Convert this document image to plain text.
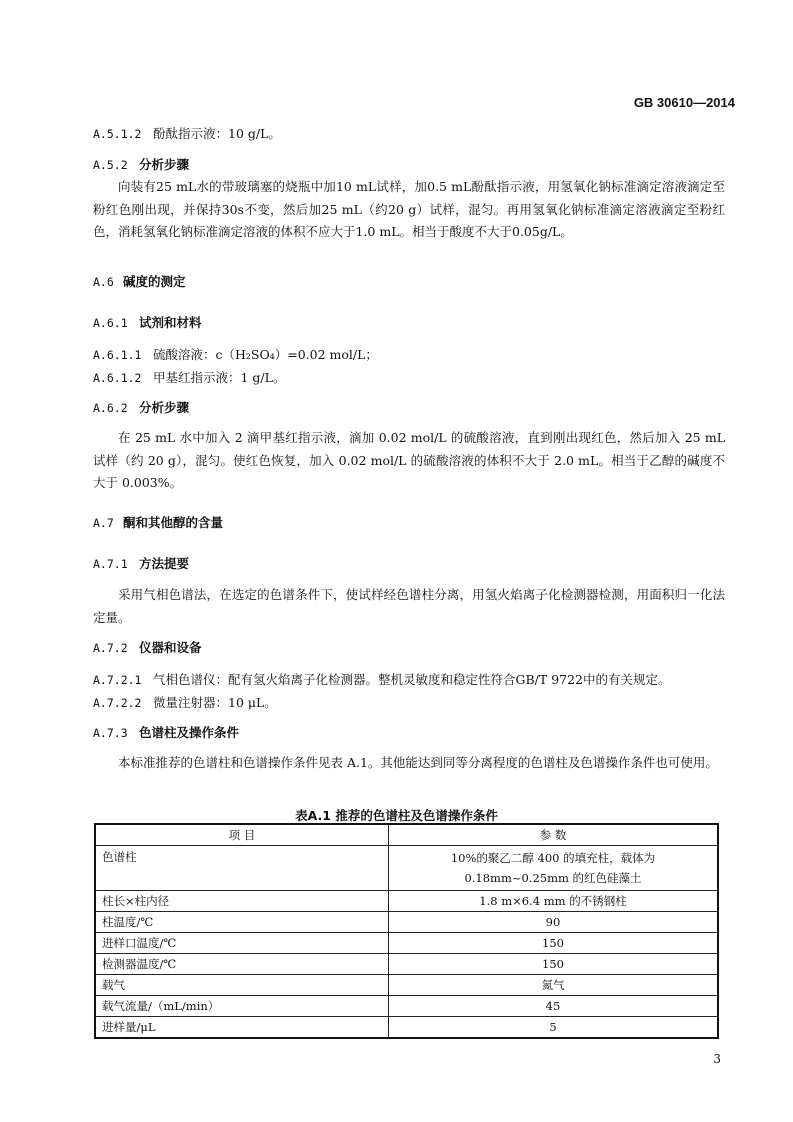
GB 30610—2014
A.5.1.2 酚酞指示液：10 g/L。
A.5.2 分析步骤

向装有25 mL水的带玻璃塞的烧瓶中加10 mL试样，加0.5 mL酚酞指示液，用氢氧化钠标准滴定溶液滴定至粉红色刚出现，并保持30s不变，然后加25 mL（约20 g）试样，混匀。再用氢氧化钠标准滴定溶液滴定至粉红色，消耗氢氧化钠标准滴定溶液的体积不应大于1.0 mL。相当于酸度不大于0.05g/L。

A.6 碱度的测定
A.6.1 试剂和材料
A.6.1.1 硫酸溶液：c（H₂SO₄）=0.02 mol/L；
A.6.1.2 甲基红指示液：1 g/L。
A.6.2 分析步骤

在 25 mL 水中加入 2 滴甲基红指示液，滴加 0.02 mol/L 的硫酸溶液，直到刚出现红色，然后加入 25 mL 试样（约 20 g），混匀。使红色恢复，加入 0.02 mol/L 的硫酸溶液的体积不大于 2.0 mL。相当于乙醇的碱度不大于 0.003%。

A.7 酮和其他醇的含量
A.7.1 方法提要

采用气相色谱法，在选定的色谱条件下，使试样经色谱柱分离，用氢火焰离子化检测器检测，用面积归一化法定量。

A.7.2 仪器和设备
A.7.2.1 气相色谱仪：配有氢火焰离子化检测器。整机灵敏度和稳定性符合GB/T 9722中的有关规定。
A.7.2.2 微量注射器：10 μL。
A.7.3 色谱柱及操作条件

本标准推荐的色谱柱和色谱操作条件见表 A.1。其他能达到同等分离程度的色谱柱及色谱操作条件也可使用。

表A.1 推荐的色谱柱及色谱操作条件
项 目	参 数
色谱柱	10%的聚乙二醇 400 的填充柱，载体为 0.18mm~0.25mm 的红色硅藻土
柱长×柱内径	1.8 m×6.4 mm 的不锈钢柱
柱温度/℃	90
进样口温度/℃	150
检测器温度/℃	150
载气	氮气
载气流量/（mL/min）	45
进样量/μL	5
3
